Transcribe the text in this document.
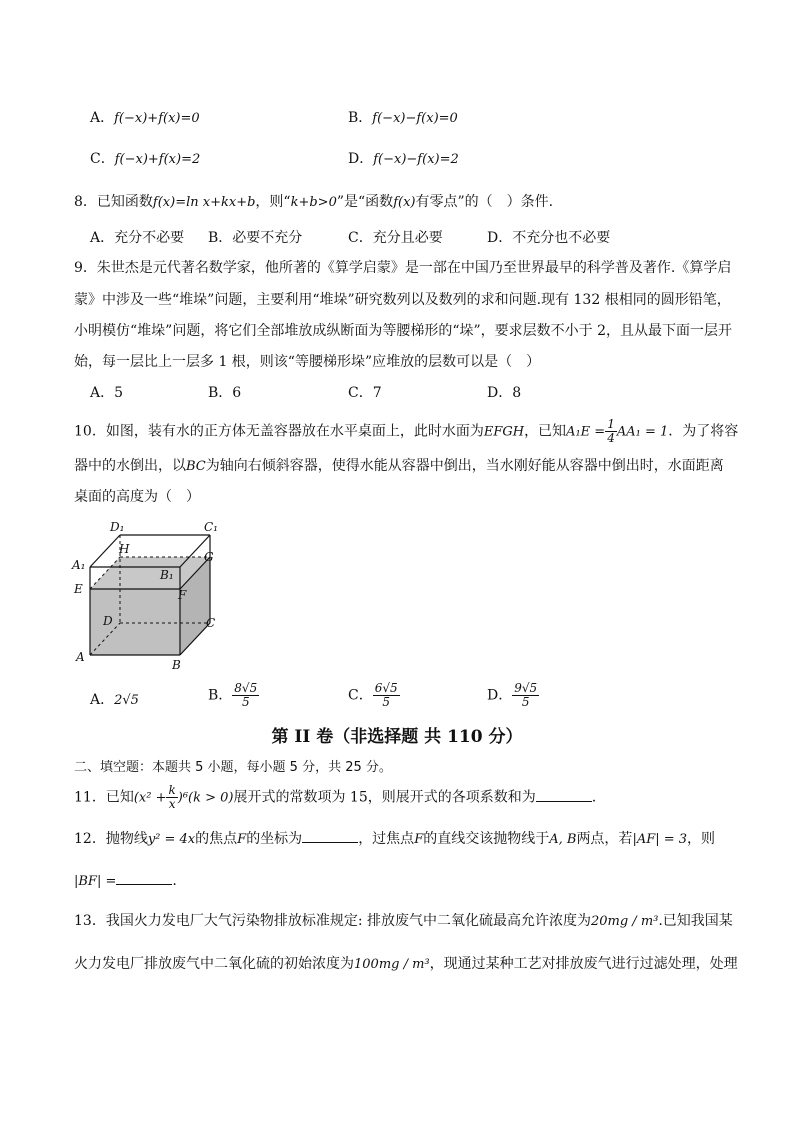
A．f(−x)+f(x)=0	B．f(−x)−f(x)=0
C．f(−x)+f(x)=2	D．f(−x)−f(x)=2
8．已知函数f(x)=ln x+kx+b，则“k+b>0”是“函数f(x)有零点”的（　）条件.
A．充分不必要 B．必要不充分	C．充分且必要	D．不充分也不必要
9．朱世杰是元代著名数学家，他所著的《算学启蒙》是一部在中国乃至世界最早的科学普及著作.《算学启
蒙》中涉及一些“堆垛”问题，主要利用“堆垛”研究数列以及数列的求和问题.现有 132 根相同的圆形铅笔，
小明模仿“堆垛”问题，将它们全部堆放成纵断面为等腰梯形的“垛”，要求层数不小于 2，且从最下面一层开
始，每一层比上一层多 1 根，则该“等腰梯形垛”应堆放的层数可以是（　）
A．5	B．6	C．7	D．8
10．如图，装有水的正方体无盖容器放在水平桌面上，此时水面为EFGH，已知$A_1E = \frac{1}{4} AA_1 = 1$．为了将容
器中的水倒出，以BC为轴向右倾斜容器，使得水能从容器中倒出，当水刚好能从容器中倒出时，水面距离
桌面的高度为（　）
D₁	C₁
H
G
A₁
B₁
E	F
D	C
A
B
A．2√5	B． $\frac{8√5}{5}$	C． $\frac{6√5}{5}$	D． $\frac{9√5}{5}$
第 II 卷（非选择题 共 110 分）
二、填空题：本题共 5 小题，每小题 5 分，共 25 分。
11．已知$(x^2 + \frac{k}{x} )^6(k > 0)$展开式的常数项为 15，则展开式的各项系数和为	.
12．抛物线y² = 4x的焦点F的坐标为	，过焦点F的直线交该抛物线于A, B两点，若|AF| = 3，则
|BF| =	.
13．我国火力发电厂大气污染物排放标准规定: 排放废气中二氧化硫最高允许浓度为20mg / m³.已知我国某
火力发电厂排放废气中二氧化硫的初始浓度为100mg / m³，现通过某种工艺对排放废气进行过滤处理，处理
